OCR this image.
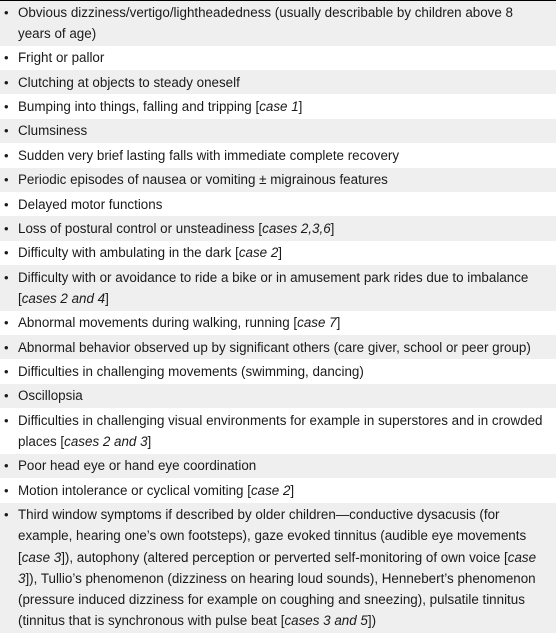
• Obvious dizziness/vertigo/lightheadedness (usually describable by children above 8 years of age)
• Fright or pallor
• Clutching at objects to steady oneself
• Bumping into things, falling and tripping [case 1]
• Clumsiness
• Sudden very brief lasting falls with immediate complete recovery
• Periodic episodes of nausea or vomiting ± migrainous features
• Delayed motor functions
• Loss of postural control or unsteadiness [cases 2,3,6]
• Difficulty with ambulating in the dark [case 2]
• Difficulty with or avoidance to ride a bike or in amusement park rides due to imbalance [cases 2 and 4]
• Abnormal movements during walking, running [case 7]
• Abnormal behavior observed up by significant others (care giver, school or peer group)
• Difficulties in challenging movements (swimming, dancing)
• Oscillopsia
• Difficulties in challenging visual environments for example in superstores and in crowded places [cases 2 and 3]
• Poor head eye or hand eye coordination
• Motion intolerance or cyclical vomiting [case 2]
• Third window symptoms if described by older children—conductive dysacusis (for example, hearing one’s own footsteps), gaze evoked tinnitus (audible eye movements [case 3]), autophony (altered perception or perverted self-monitoring of own voice [case 3]), Tullio’s phenomenon (dizziness on hearing loud sounds), Hennebert’s phenomenon (pressure induced dizziness for example on coughing and sneezing), pulsatile tinnitus (tinnitus that is synchronous with pulse beat [cases 3 and 5])
